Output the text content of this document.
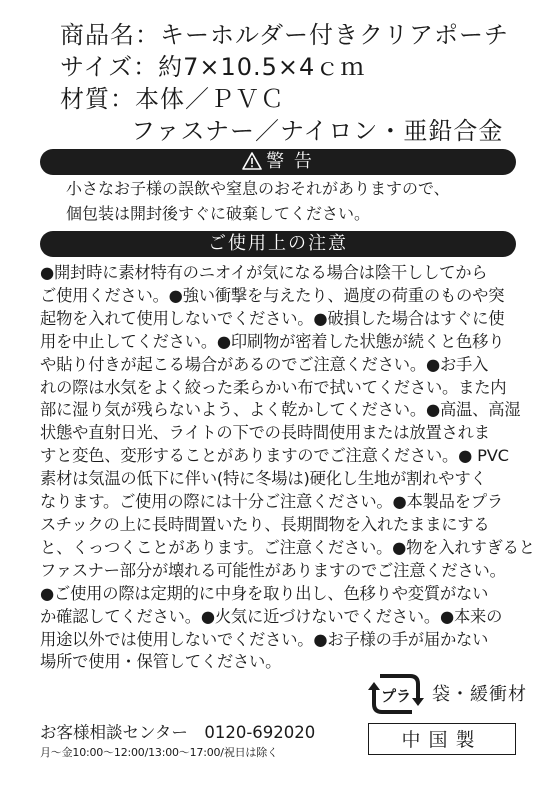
商品名：キーホルダー付きクリアポーチ
サイズ：約7×10.5×4ｃｍ
材質：本体／ＰＶＣ
ファスナー／ナイロン・亜鉛合金
警 告
小さなお子様の誤飲や窒息のおそれがありますので、
個包装は開封後すぐに破棄してください。
ご使用上の注意
●開封時に素材特有のニオイが気になる場合は陰干ししてから
ご使用ください。●強い衝撃を与えたり、過度の荷重のものや突
起物を入れて使用しないでください。●破損した場合はすぐに使
用を中止してください。●印刷物が密着した状態が続くと色移り
や貼り付きが起こる場合があるのでご注意ください。●お手入
れの際は水気をよく絞った柔らかい布で拭いてください。また内
部に湿り気が残らないよう、よく乾かしてください。●高温、高湿
状態や直射日光、ライトの下での長時間使用または放置されま
すと変色、変形することがありますのでご注意ください。● PVC
素材は気温の低下に伴い(特に冬場は)硬化し生地が割れやすく
なります。ご使用の際には十分ご注意ください。●本製品をプラ
スチックの上に長時間置いたり、長期間物を入れたままにする
と、くっつくことがあります。ご注意ください。●物を入れすぎると
ファスナー部分が壊れる可能性がありますのでご注意ください。
●ご使用の際は定期的に中身を取り出し、色移りや変質がない
か確認してください。●火気に近づけないでください。●本来の
用途以外では使用しないでください。●お子様の手が届かない
場所で使用・保管してください。
プラ 袋・緩衝材
お客様相談センター　0120-692020
月～金10:00～12:00/13:00～17:00/祝日は除く
中国製
